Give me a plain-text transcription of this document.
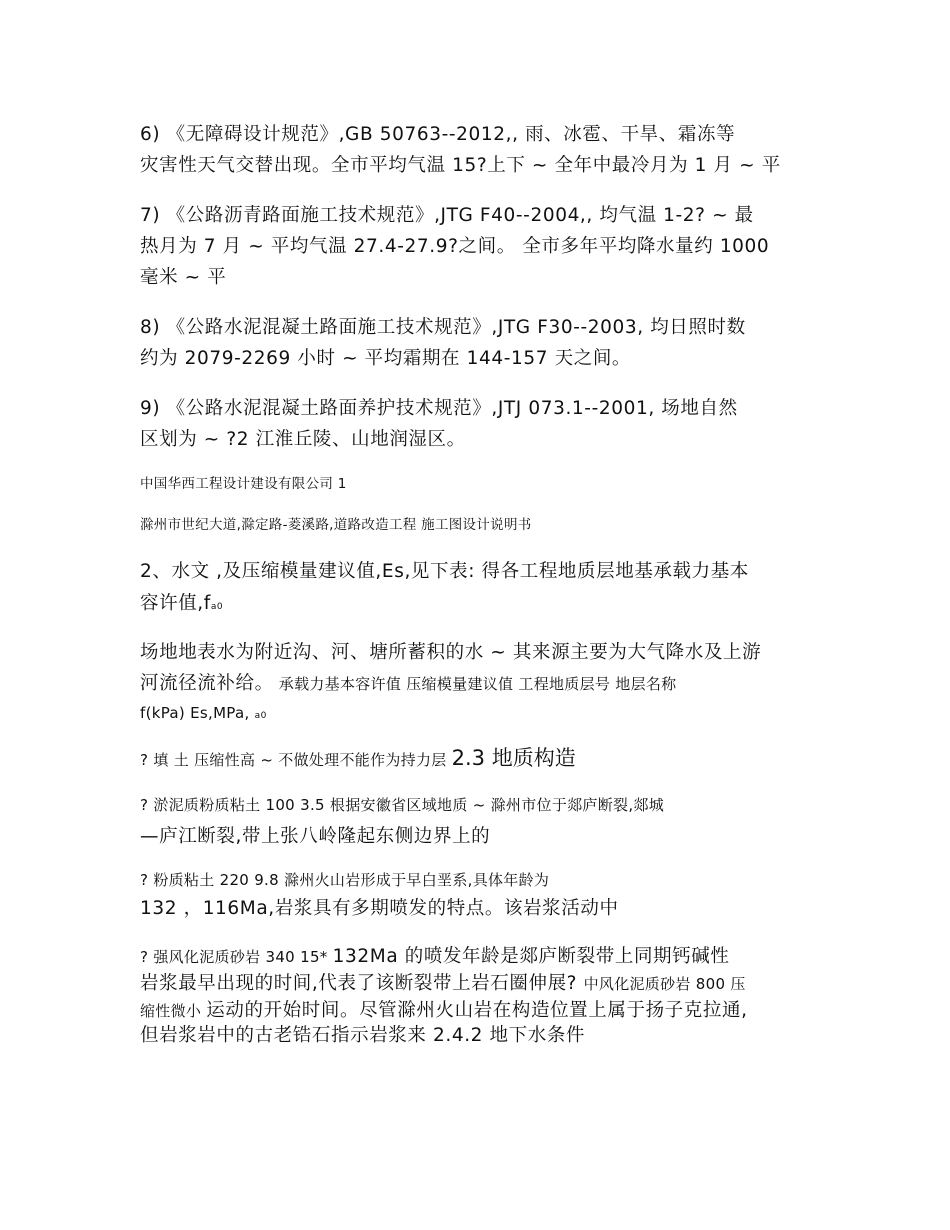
6) 《无障碍设计规范》,GB 50763--2012,, 雨、冰雹、干旱、霜冻等
灾害性天气交替出现。全市平均气温 15?上下 ~ 全年中最冷月为 1 月 ~ 平
7) 《公路沥青路面施工技术规范》,JTG F40--2004,, 均气温 1-2? ~ 最
热月为 7 月 ~ 平均气温 27.4-27.9?之间。 全市多年平均降水量约 1000
毫米 ~ 平
8) 《公路水泥混凝土路面施工技术规范》,JTG F30--2003, 均日照时数
约为 2079-2269 小时 ~ 平均霜期在 144-157 天之间。
9) 《公路水泥混凝土路面养护技术规范》,JTJ 073.1--2001, 场地自然
区划为 ~ ?2 江淮丘陵、山地润湿区。
中国华西工程设计建设有限公司 1
滁州市世纪大道,滁定路-菱溪路,道路改造工程 施工图设计说明书
2、水文 ,及压缩模量建议值,Es,见下表: 得各工程地质层地基承载力基本
容许值,fa0
场地地表水为附近沟、河、塘所蓄积的水 ~ 其来源主要为大气降水及上游
河流径流补给。 承载力基本容许值 压缩模量建议值 工程地质层号 地层名称
f(kPa) Es,MPa, a0
? 填 土 压缩性高 ~ 不做处理不能作为持力层 2.3 地质构造
? 淤泥质粉质粘土 100 3.5 根据安徽省区域地质 ~ 滁州市位于郯庐断裂,郯城
—庐江断裂,带上张八岭隆起东侧边界上的
? 粉质粘土 220 9.8 滁州火山岩形成于早白垩系,具体年龄为
132 ，116Ma,岩浆具有多期喷发的特点。该岩浆活动中
? 强风化泥质砂岩 340 15* 132Ma 的喷发年龄是郯庐断裂带上同期钙碱性
岩浆最早出现的时间,代表了该断裂带上岩石圈伸展? 中风化泥质砂岩 800 压
缩性微小 运动的开始时间。尽管滁州火山岩在构造位置上属于扬子克拉通,
但岩浆岩中的古老锆石指示岩浆来 2.4.2 地下水条件
